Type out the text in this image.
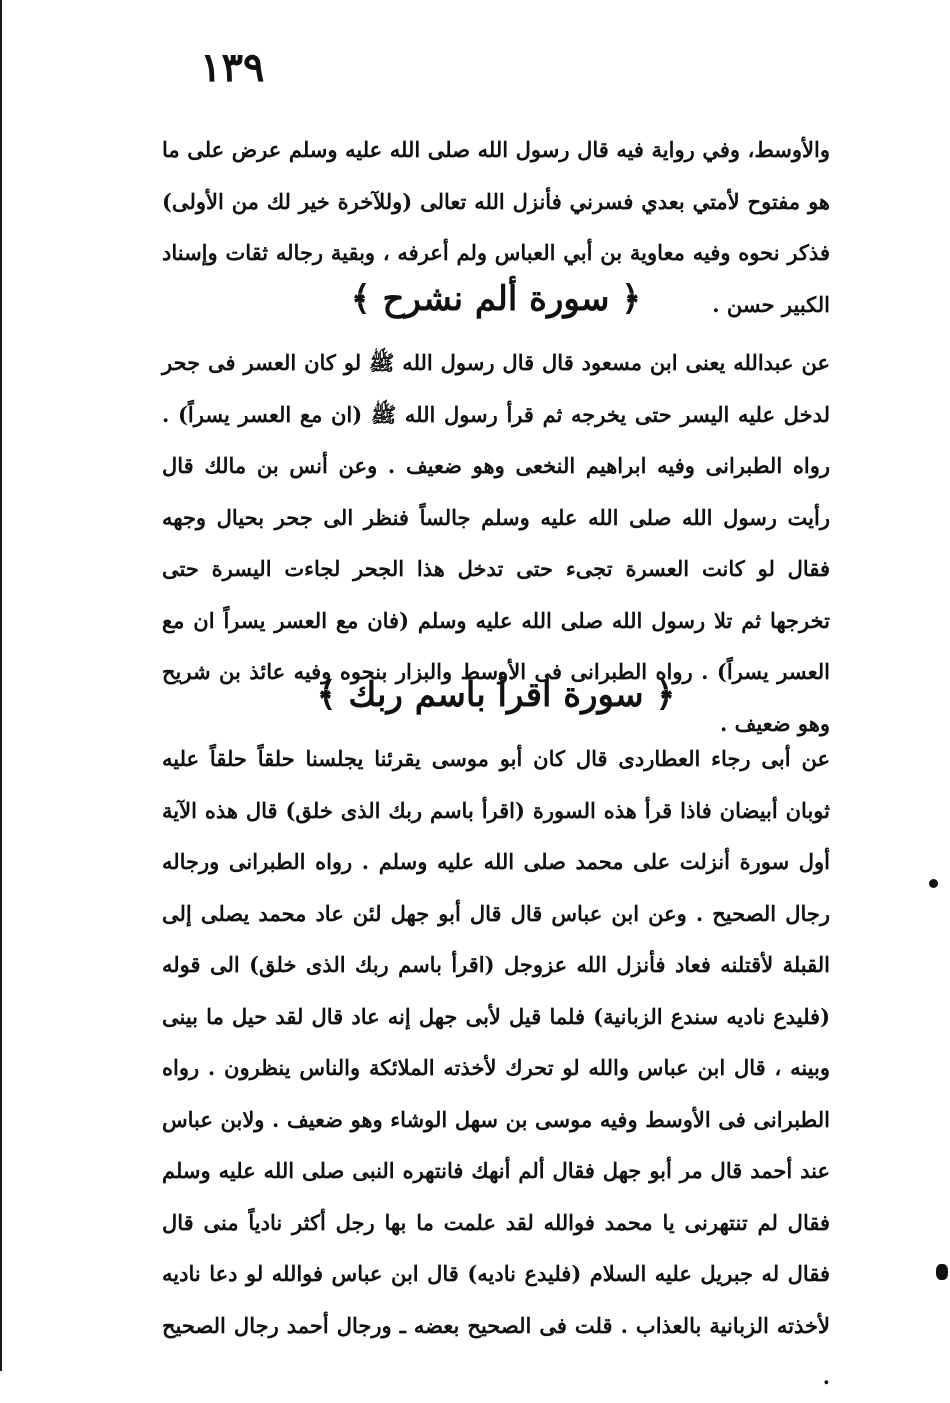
١٣٩

والأوسط، وفي رواية فيه قال رسول الله صلى الله عليه وسلم عرض على ما هو مفتوح لأمتي بعدي فسرني فأنزل الله تعالى (وللآخرة خير لك من الأولى) فذكر نحوه وفيه معاوية بن أبي العباس ولم أعرفه ، وبقية رجاله ثقات وإسناد الكبير حسن .

﴿ سورة ألم نشرح ﴾

عن عبدالله يعنى ابن مسعود قال قال رسول الله ﷺ لو كان العسر فى جحر لدخل عليه اليسر حتى يخرجه ثم قرأ رسول الله ﷺ (ان مع العسر يسراً) . رواه الطبرانى وفيه ابراهيم النخعى وهو ضعيف . وعن أنس بن مالك قال رأيت رسول الله صلى الله عليه وسلم جالساً فنظر الى جحر بحيال وجهه فقال لو كانت العسرة تجىء حتى تدخل هذا الجحر لجاءت اليسرة حتى تخرجها ثم تلا رسول الله صلى الله عليه وسلم (فان مع العسر يسراً ان مع العسر يسراً) . رواه الطبرانى فى الأوسط والبزار بنحوه وفيه عائذ بن شريح وهو ضعيف .

﴿ سورة اقرأ باسم ربك ﴾

عن أبى رجاء العطاردى قال كان أبو موسى يقرئنا يجلسنا حلقاً حلقاً عليه ثوبان أبيضان فاذا قرأ هذه السورة (اقرأ باسم ربك الذى خلق) قال هذه الآية أول سورة أنزلت على محمد صلى الله عليه وسلم . رواه الطبرانى ورجاله رجال الصحيح . وعن ابن عباس قال قال أبو جهل لئن عاد محمد يصلى إلى القبلة لأقتلنه فعاد فأنزل الله عزوجل (اقرأ باسم ربك الذى خلق) الى قوله (فليدع ناديه سندع الزبانية) فلما قيل لأبى جهل إنه عاد قال لقد حيل ما بينى وبينه ، قال ابن عباس والله لو تحرك لأخذته الملائكة والناس ينظرون . رواه الطبرانى فى الأوسط وفيه موسى بن سهل الوشاء وهو ضعيف . ولابن عباس عند أحمد قال مر أبو جهل فقال ألم أنهك فانتهره النبى صلى الله عليه وسلم فقال لم تنتهرنى يا محمد فوالله لقد علمت ما بها رجل أكثر نادياً منى قال فقال له جبريل عليه السلام (فليدع ناديه) قال ابن عباس فوالله لو دعا ناديه لأخذته الزبانية بالعذاب . قلت فى الصحيح بعضه ـ ورجال أحمد رجال الصحيح .
